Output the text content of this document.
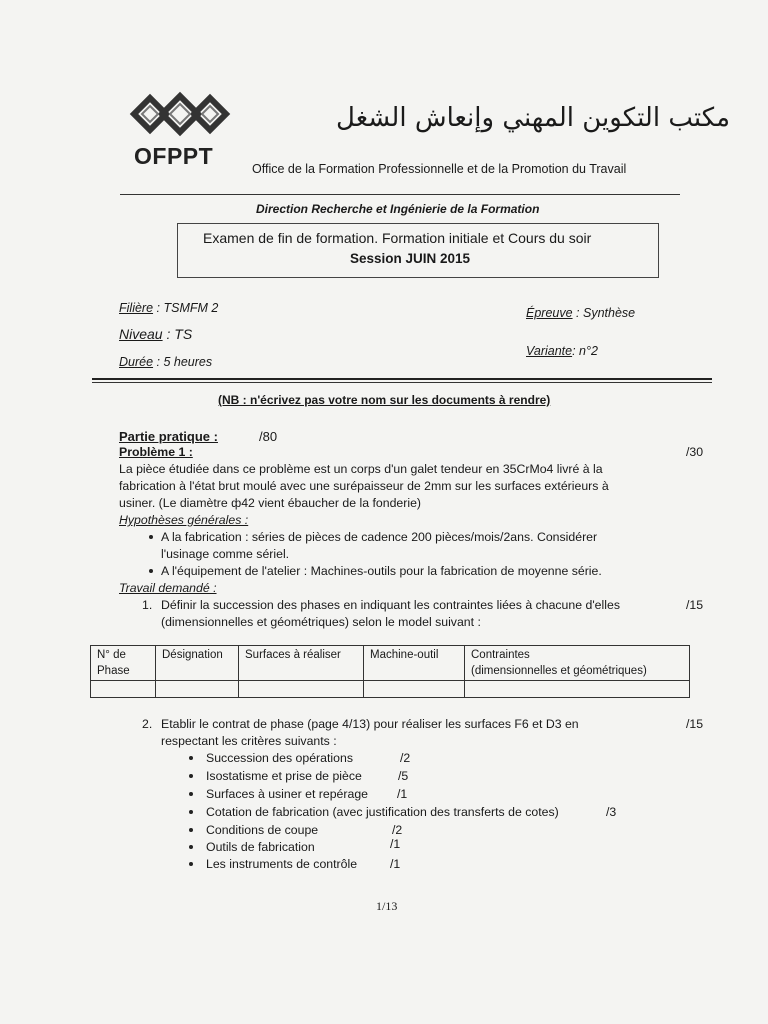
OFPPT
مكتب التكوين المهني وإنعاش الشغل
Office de la Formation Professionnelle et de la Promotion du Travail
Direction Recherche et Ingénierie de la Formation
Examen de fin de formation. Formation initiale et Cours du soir
Session JUIN 2015
Filière : TSMFM 2
Niveau : TS
Durée : 5 heures
Épreuve : Synthèse
Variante: n°2
(NB : n'écrivez pas votre nom sur les documents à rendre)
Partie pratique :	/80
Problème 1 :	/30
La pièce étudiée dans ce problème est un corps d'un galet tendeur en 35CrMo4 livré à la
fabrication à l'état brut moulé avec une surépaisseur de 2mm sur les surfaces extérieurs à
usiner. (Le diamètre ф42 vient ébaucher de la fonderie)
Hypothèses générales :
A la fabrication : séries de pièces de cadence 200 pièces/mois/2ans. Considérer
l'usinage comme sériel.
A l'équipement de l'atelier : Machines-outils pour la fabrication de moyenne série.
Travail demandé :
1. Définir la succession des phases en indiquant les contraintes liées à chacune d'elles
(dimensionnelles et géométriques) selon le model suivant :
/15
N° de
Phase	Désignation	Surfaces à réaliser	Machine-outil	Contraintes
(dimensionnelles et géométriques)

2. Etablir le contrat de phase (page 4/13) pour réaliser les surfaces F6 et D3 en
respectant les critères suivants :
/15
Succession des opérations	/2
Isostatisme et prise de pièce	/5
Surfaces à usiner et repérage /1
Cotation de fabrication (avec justification des transferts de cotes)	/3
Conditions de coupe	/2
Outils de fabrication	/1
Les instruments de contrôle	/1
1/13
